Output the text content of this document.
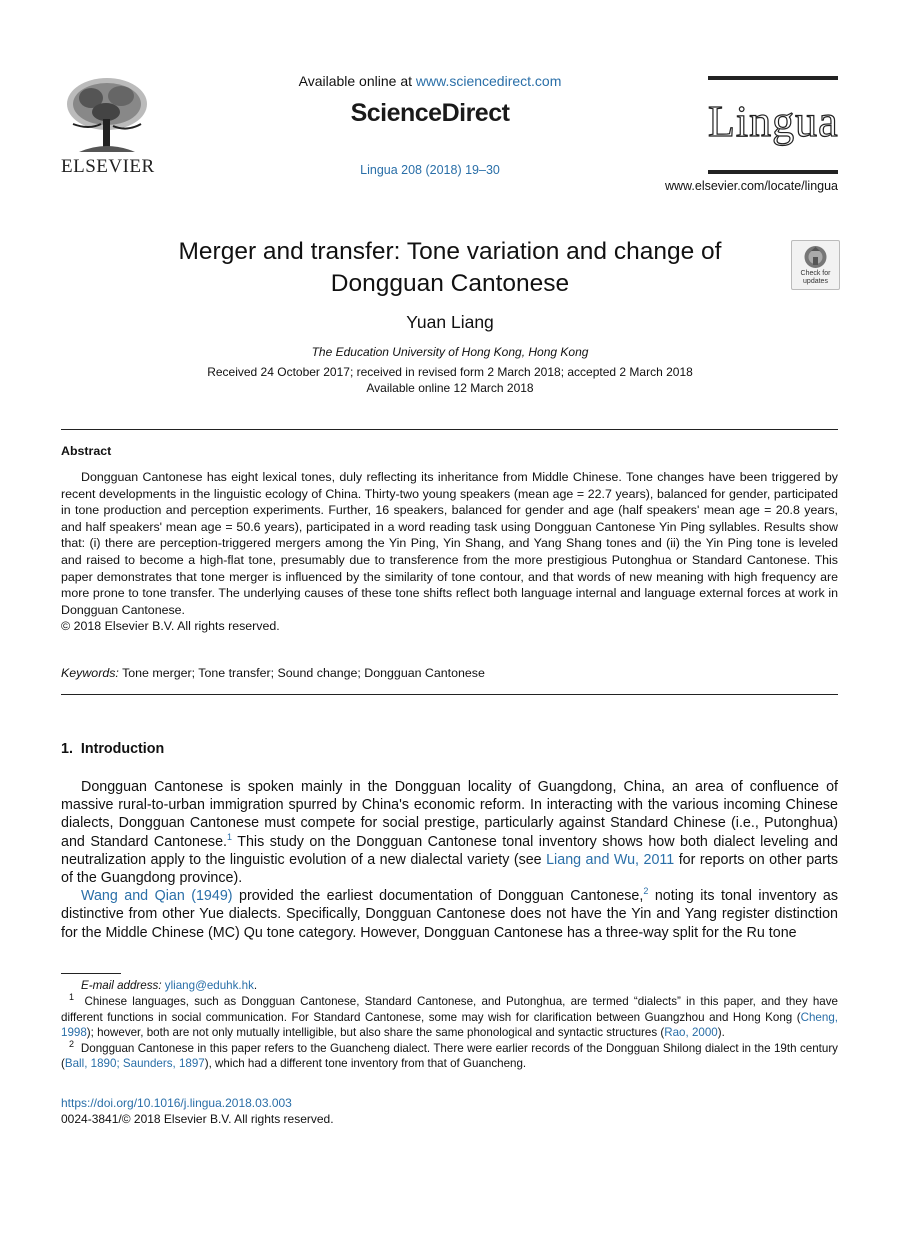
ELSEVIER
Available online at www.sciencedirect.com
ScienceDirect
Lingua 208 (2018) 19–30
Lingua
www.elsevier.com/locate/lingua
Merger and transfer: Tone variation and change of
Dongguan Cantonese	Check for updates
Yuan Liang
The Education University of Hong Kong, Hong Kong
Received 24 October 2017; received in revised form 2 March 2018; accepted 2 March 2018
Available online 12 March 2018
Abstract

Dongguan Cantonese has eight lexical tones, duly reflecting its inheritance from Middle Chinese. Tone changes have been triggered by recent developments in the linguistic ecology of China. Thirty-two young speakers (mean age = 22.7 years), balanced for gender, participated in tone production and perception experiments. Further, 16 speakers, balanced for gender and age (half speakers' mean age = 20.8 years, and half speakers' mean age = 50.6 years), participated in a word reading task using Dongguan Cantonese Yin Ping syllables. Results show that: (i) there are perception-triggered mergers among the Yin Ping, Yin Shang, and Yang Shang tones and (ii) the Yin Ping tone is leveled and raised to become a high-flat tone, presumably due to transference from the more prestigious Putonghua or Standard Cantonese. This paper demonstrates that tone merger is influenced by the similarity of tone contour, and that words of new meaning with high frequency are more prone to tone transfer. The underlying causes of these tone shifts reflect both language internal and language external forces at work in Dongguan Cantonese.

© 2018 Elsevier B.V. All rights reserved.

Keywords: Tone merger; Tone transfer; Sound change; Dongguan Cantonese
1.  Introduction

Dongguan Cantonese is spoken mainly in the Dongguan locality of Guangdong, China, an area of confluence of massive rural-to-urban immigration spurred by China's economic reform. In interacting with the various incoming Chinese dialects, Dongguan Cantonese must compete for social prestige, particularly against Standard Chinese (i.e., Putonghua) and Standard Cantonese.$^1$ This study on the Dongguan Cantonese tonal inventory shows how both dialect leveling and neutralization apply to the linguistic evolution of a new dialectal variety (see Liang and Wu, 2011 for reports on other parts of the Guangdong province).

Wang and Qian (1949) provided the earliest documentation of Dongguan Cantonese,$^2$ noting its tonal inventory as distinctive from other Yue dialects. Specifically, Dongguan Cantonese does not have the Yin and Yang register distinction for the Middle Chinese (MC) Qu tone category. However, Dongguan Cantonese has a three-way split for the Ru tone

E-mail address: yliang@eduhk.hk.

$^1$ Chinese languages, such as Dongguan Cantonese, Standard Cantonese, and Putonghua, are termed “dialects” in this paper, and they have different functions in social communication. For Standard Cantonese, some may wish for clarification between Guangzhou and Hong Kong (Cheng, 1998); however, both are not only mutually intelligible, but also share the same phonological and syntactic structures (Rao, 2000).

$^2$ Dongguan Cantonese in this paper refers to the Guancheng dialect. There were earlier records of the Dongguan Shilong dialect in the 19th century (Ball, 1890; Saunders, 1897), which had a different tone inventory from that of Guancheng.

https://doi.org/10.1016/j.lingua.2018.03.003
0024-3841/© 2018 Elsevier B.V. All rights reserved.
